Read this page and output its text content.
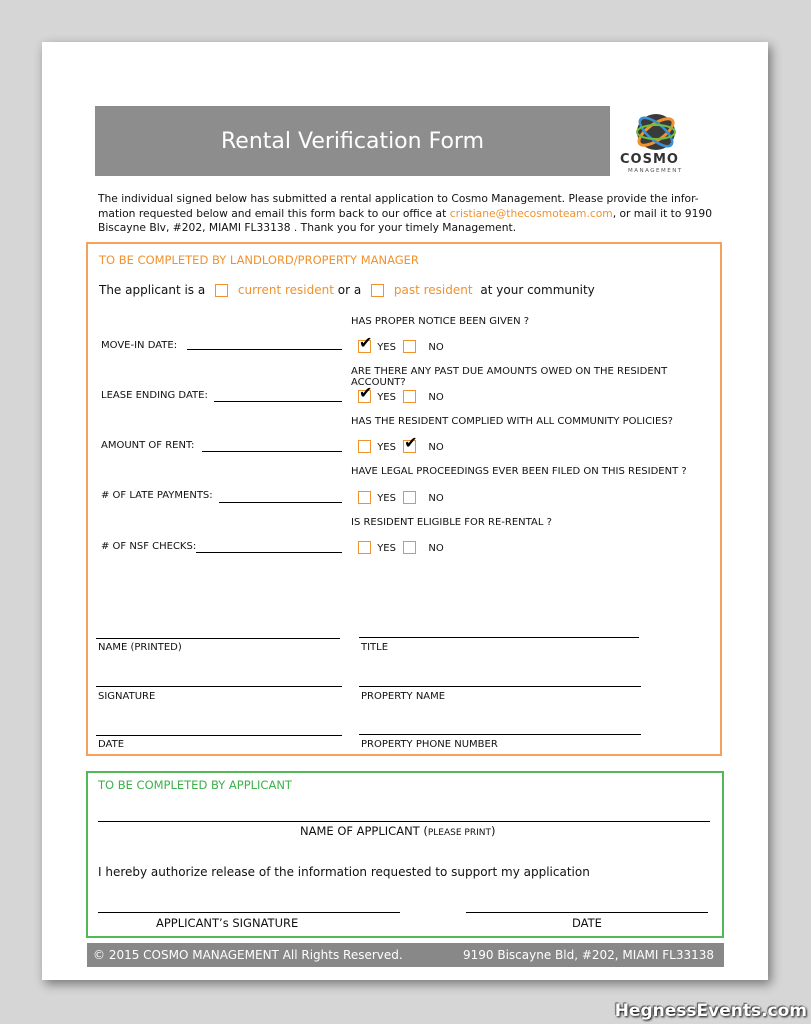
Rental Verification Form
COSMO
MANAGEMENT
The individual signed below has submitted a rental application to Cosmo Management. Please provide the infor-mation requested below and email this form back to our office at cristiane@thecosmoteam.com, or mail it to 9190 Biscayne Blv, #202, MIAMI FL33138 . Thank you for your timely Management.
TO BE COMPLETED BY LANDLORD/PROPERTY MANAGER
The applicant is a	current resident or a	past resident at your community
MOVE-IN DATE:
LEASE ENDING DATE:
AMOUNT OF RENT:
# OF LATE PAYMENTS:
# OF NSF CHECKS:
HAS PROPER NOTICE BEEN GIVEN ?
✔ YES	NO
ARE THERE ANY PAST DUE AMOUNTS OWED ON THE RESIDENT ACCOUNT?
✔ YES	NO
HAS THE RESIDENT COMPLIED WITH ALL COMMUNITY POLICIES?
YES ✔ NO
HAVE LEGAL PROCEEDINGS EVER BEEN FILED ON THIS RESIDENT ?
YES	NO
IS RESIDENT ELIGIBLE FOR RE-RENTAL ?
YES	NO
NAME (PRINTED)	TITLE
SIGNATURE	PROPERTY NAME
DATE	PROPERTY PHONE NUMBER
TO BE COMPLETED BY APPLICANT
NAME OF APPLICANT (PLEASE PRINT)
I hereby authorize release of the information requested to support my application
APPLICANT’s SIGNATURE	DATE
© 2015 COSMO MANAGEMENT All Rights Reserved.	9190 Biscayne Bld, #202, MIAMI FL33138
HegnessEvents.com
